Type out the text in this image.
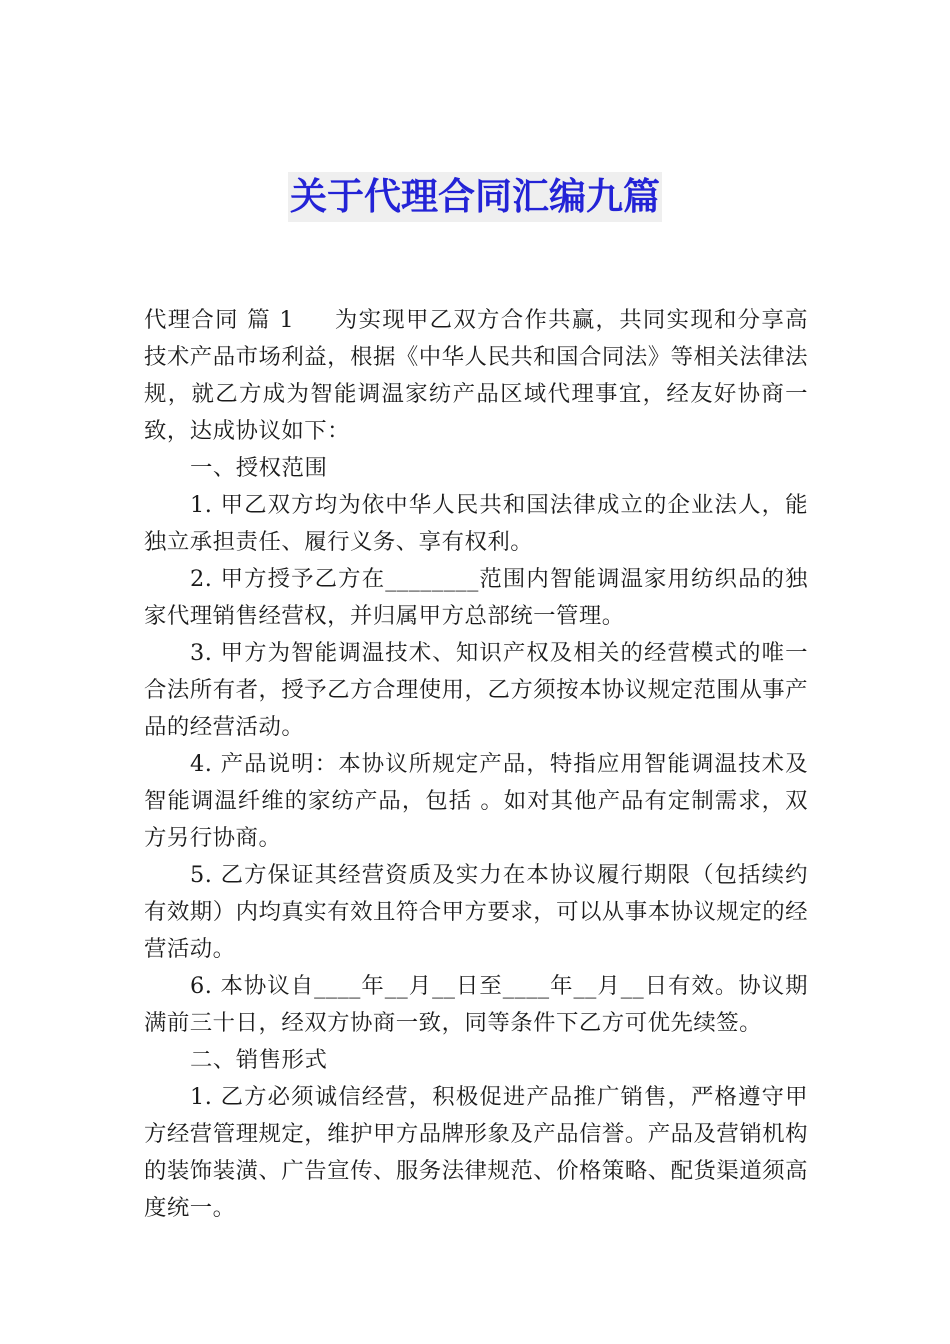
关于代理合同汇编九篇

代理合同 篇 1 为实现甲乙双方合作共赢，共同实现和分享高技术产品市场利益，根据《中华人民共和国合同法》等相关法律法规，就乙方成为智能调温家纺产品区域代理事宜，经友好协商一致，达成协议如下：

一、授权范围

1. 甲乙双方均为依中华人民共和国法律成立的企业法人，能独立承担责任、履行义务、享有权利。

2. 甲方授予乙方在________范围内智能调温家用纺织品的独家代理销售经营权，并归属甲方总部统一管理。

3. 甲方为智能调温技术、知识产权及相关的经营模式的唯一合法所有者，授予乙方合理使用，乙方须按本协议规定范围从事产品的经营活动。

4. 产品说明：本协议所规定产品，特指应用智能调温技术及智能调温纤维的家纺产品，包括 。如对其他产品有定制需求，双方另行协商。

5. 乙方保证其经营资质及实力在本协议履行期限（包括续约有效期）内均真实有效且符合甲方要求，可以从事本协议规定的经营活动。

6. 本协议自____年__月__日至____年__月__日有效。协议期满前三十日，经双方协商一致，同等条件下乙方可优先续签。

二、销售形式

1. 乙方必须诚信经营，积极促进产品推广销售，严格遵守甲方经营管理规定，维护甲方品牌形象及产品信誉。产品及营销机构的装饰装潢、广告宣传、服务法律规范、价格策略、配货渠道须高度统一。
